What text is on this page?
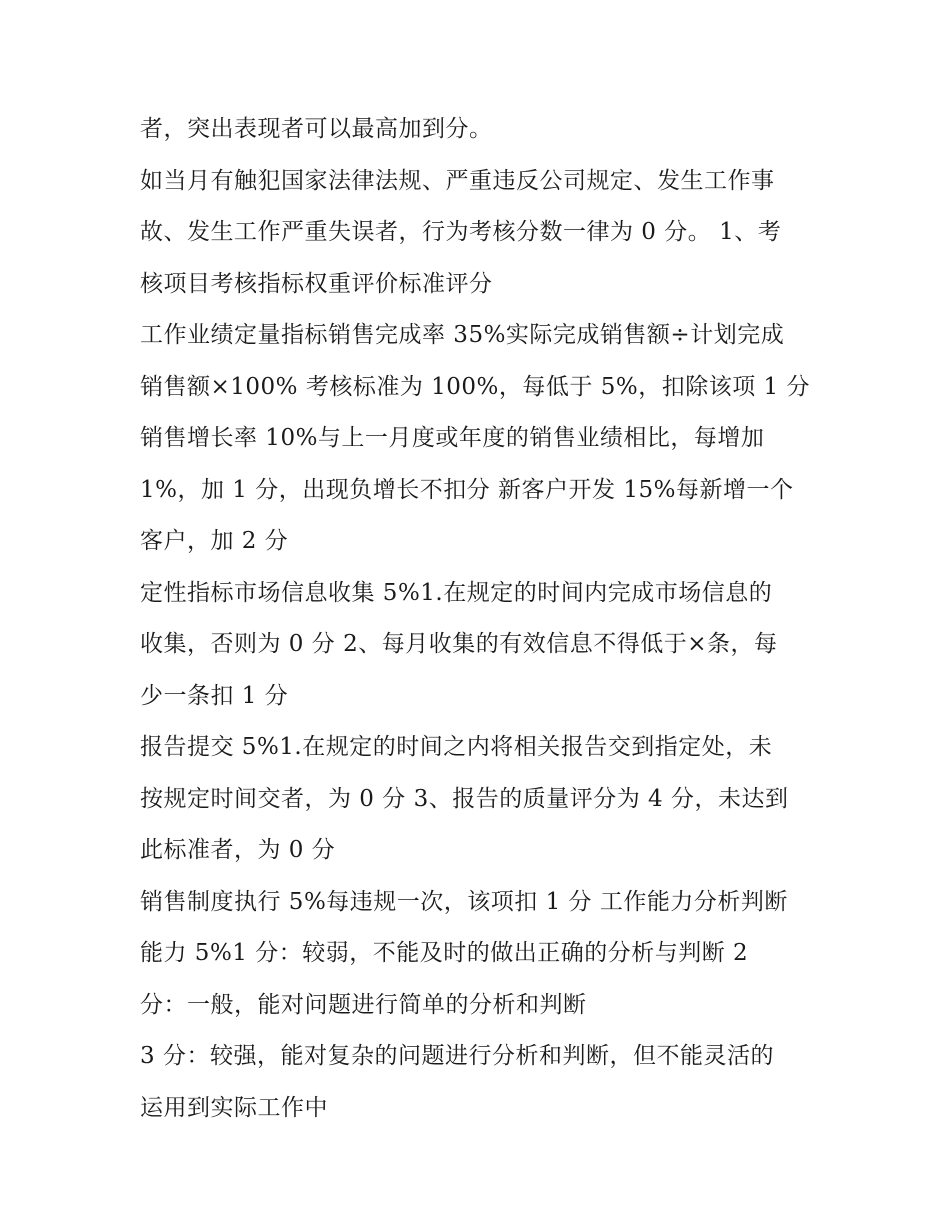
者，突出表现者可以最高加到分。
如当月有触犯国家法律法规、严重违反公司规定、发生工作事
故、发生工作严重失误者，行为考核分数一律为 0 分。 1、考
核项目考核指标权重评价标准评分
工作业绩定量指标销售完成率 35%实际完成销售额÷计划完成
销售额×100% 考核标准为 100%，每低于 5%，扣除该项 1 分
销售增长率 10%与上一月度或年度的销售业绩相比，每增加
1%，加 1 分，出现负增长不扣分 新客户开发 15%每新增一个
客户，加 2 分
定性指标市场信息收集 5%1.在规定的时间内完成市场信息的
收集，否则为 0 分 2、每月收集的有效信息不得低于×条，每
少一条扣 1 分
报告提交 5%1.在规定的时间之内将相关报告交到指定处，未
按规定时间交者，为 0 分 3、报告的质量评分为 4 分，未达到
此标准者，为 0 分
销售制度执行 5%每违规一次，该项扣 1 分 工作能力分析判断
能力 5%1 分：较弱，不能及时的做出正确的分析与判断 2
分：一般，能对问题进行简单的分析和判断
3 分：较强，能对复杂的问题进行分析和判断，但不能灵活的
运用到实际工作中
